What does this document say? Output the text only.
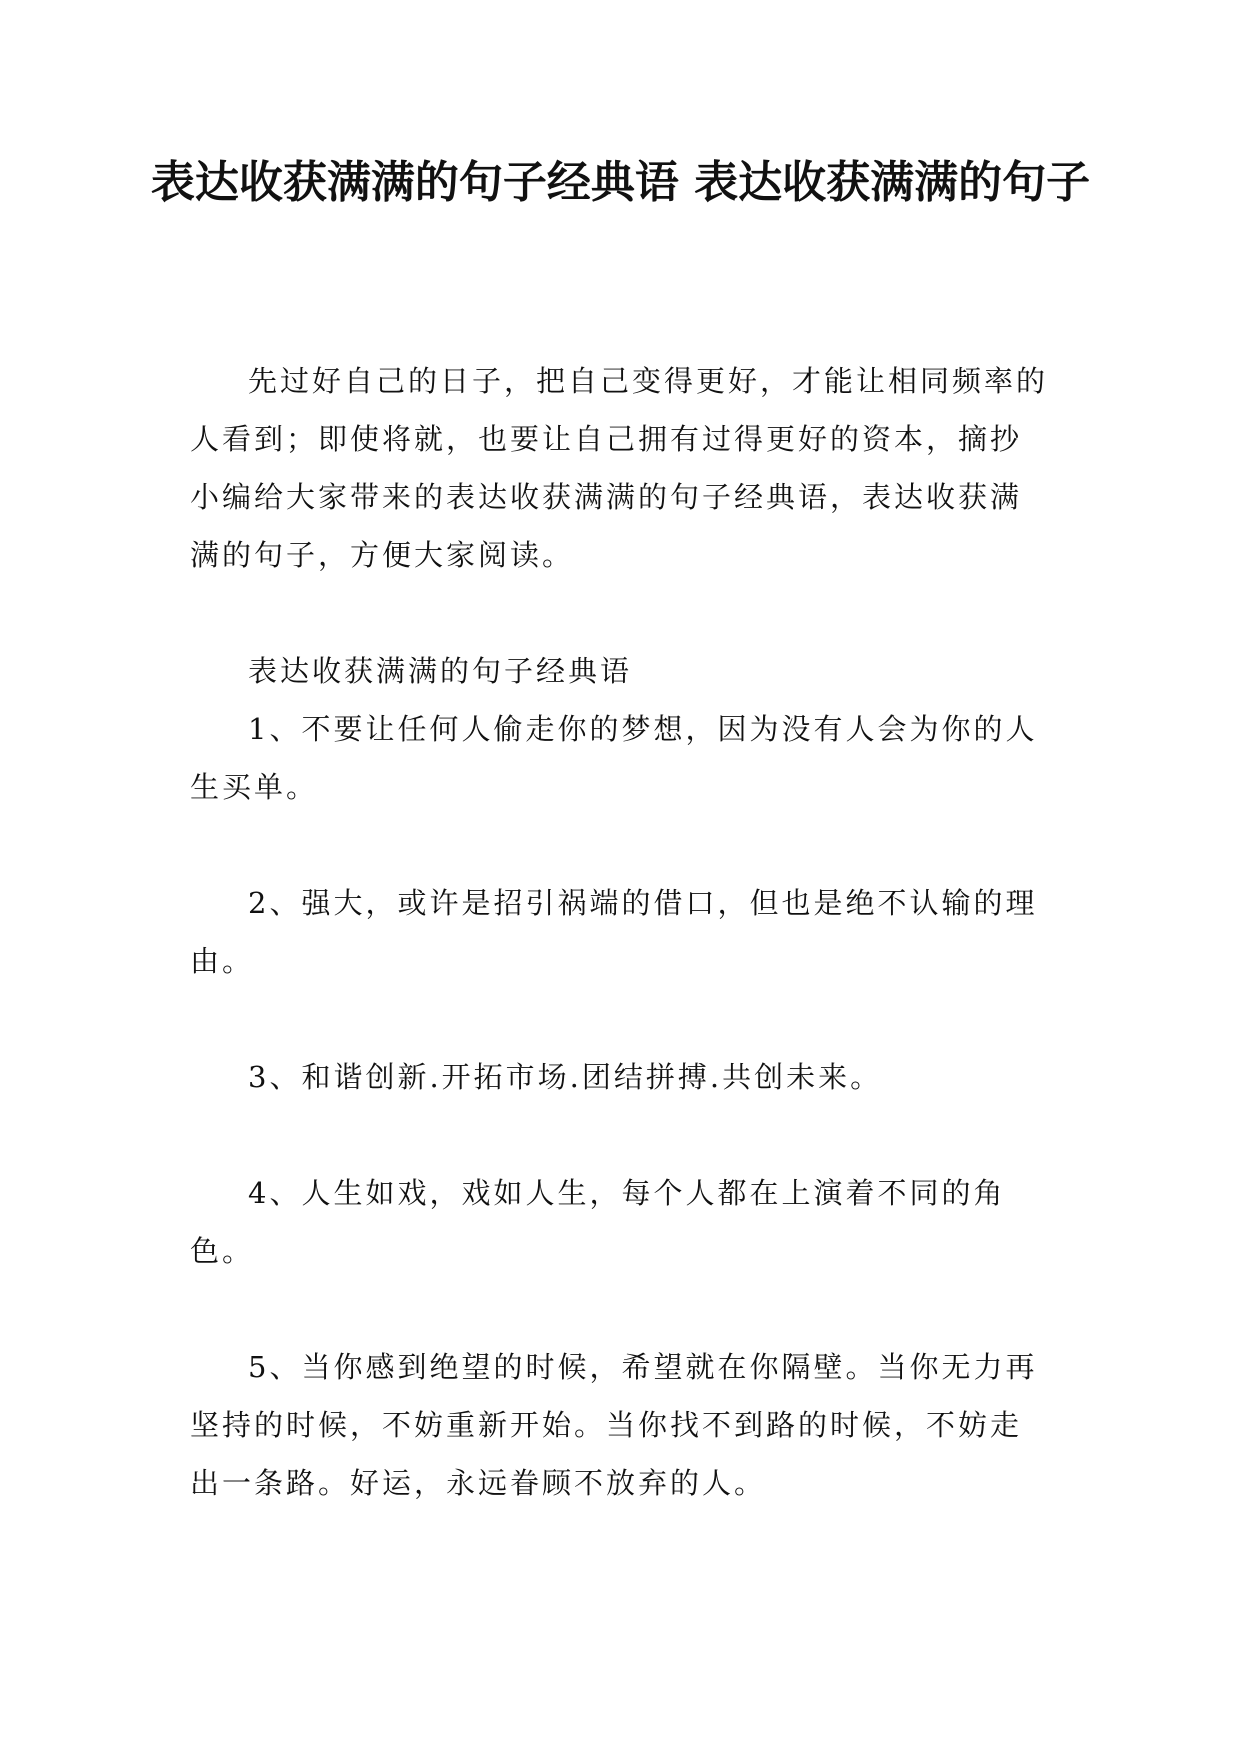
表达收获满满的句子经典语 表达收获满满的句子

先过好自己的日子，把自己变得更好，才能让相同频率的人看到；即使将就，也要让自己拥有过得更好的资本，摘抄小编给大家带来的表达收获满满的句子经典语，表达收获满满的句子，方便大家阅读。

表达收获满满的句子经典语

1、不要让任何人偷走你的梦想，因为没有人会为你的人生买单。

2、强大，或许是招引祸端的借口，但也是绝不认输的理由。

3、和谐创新.开拓市场.团结拼搏.共创未来。

4、人生如戏，戏如人生，每个人都在上演着不同的角色。

5、当你感到绝望的时候，希望就在你隔壁。当你无力再坚持的时候，不妨重新开始。当你找不到路的时候，不妨走出一条路。好运，永远眷顾不放弃的人。
